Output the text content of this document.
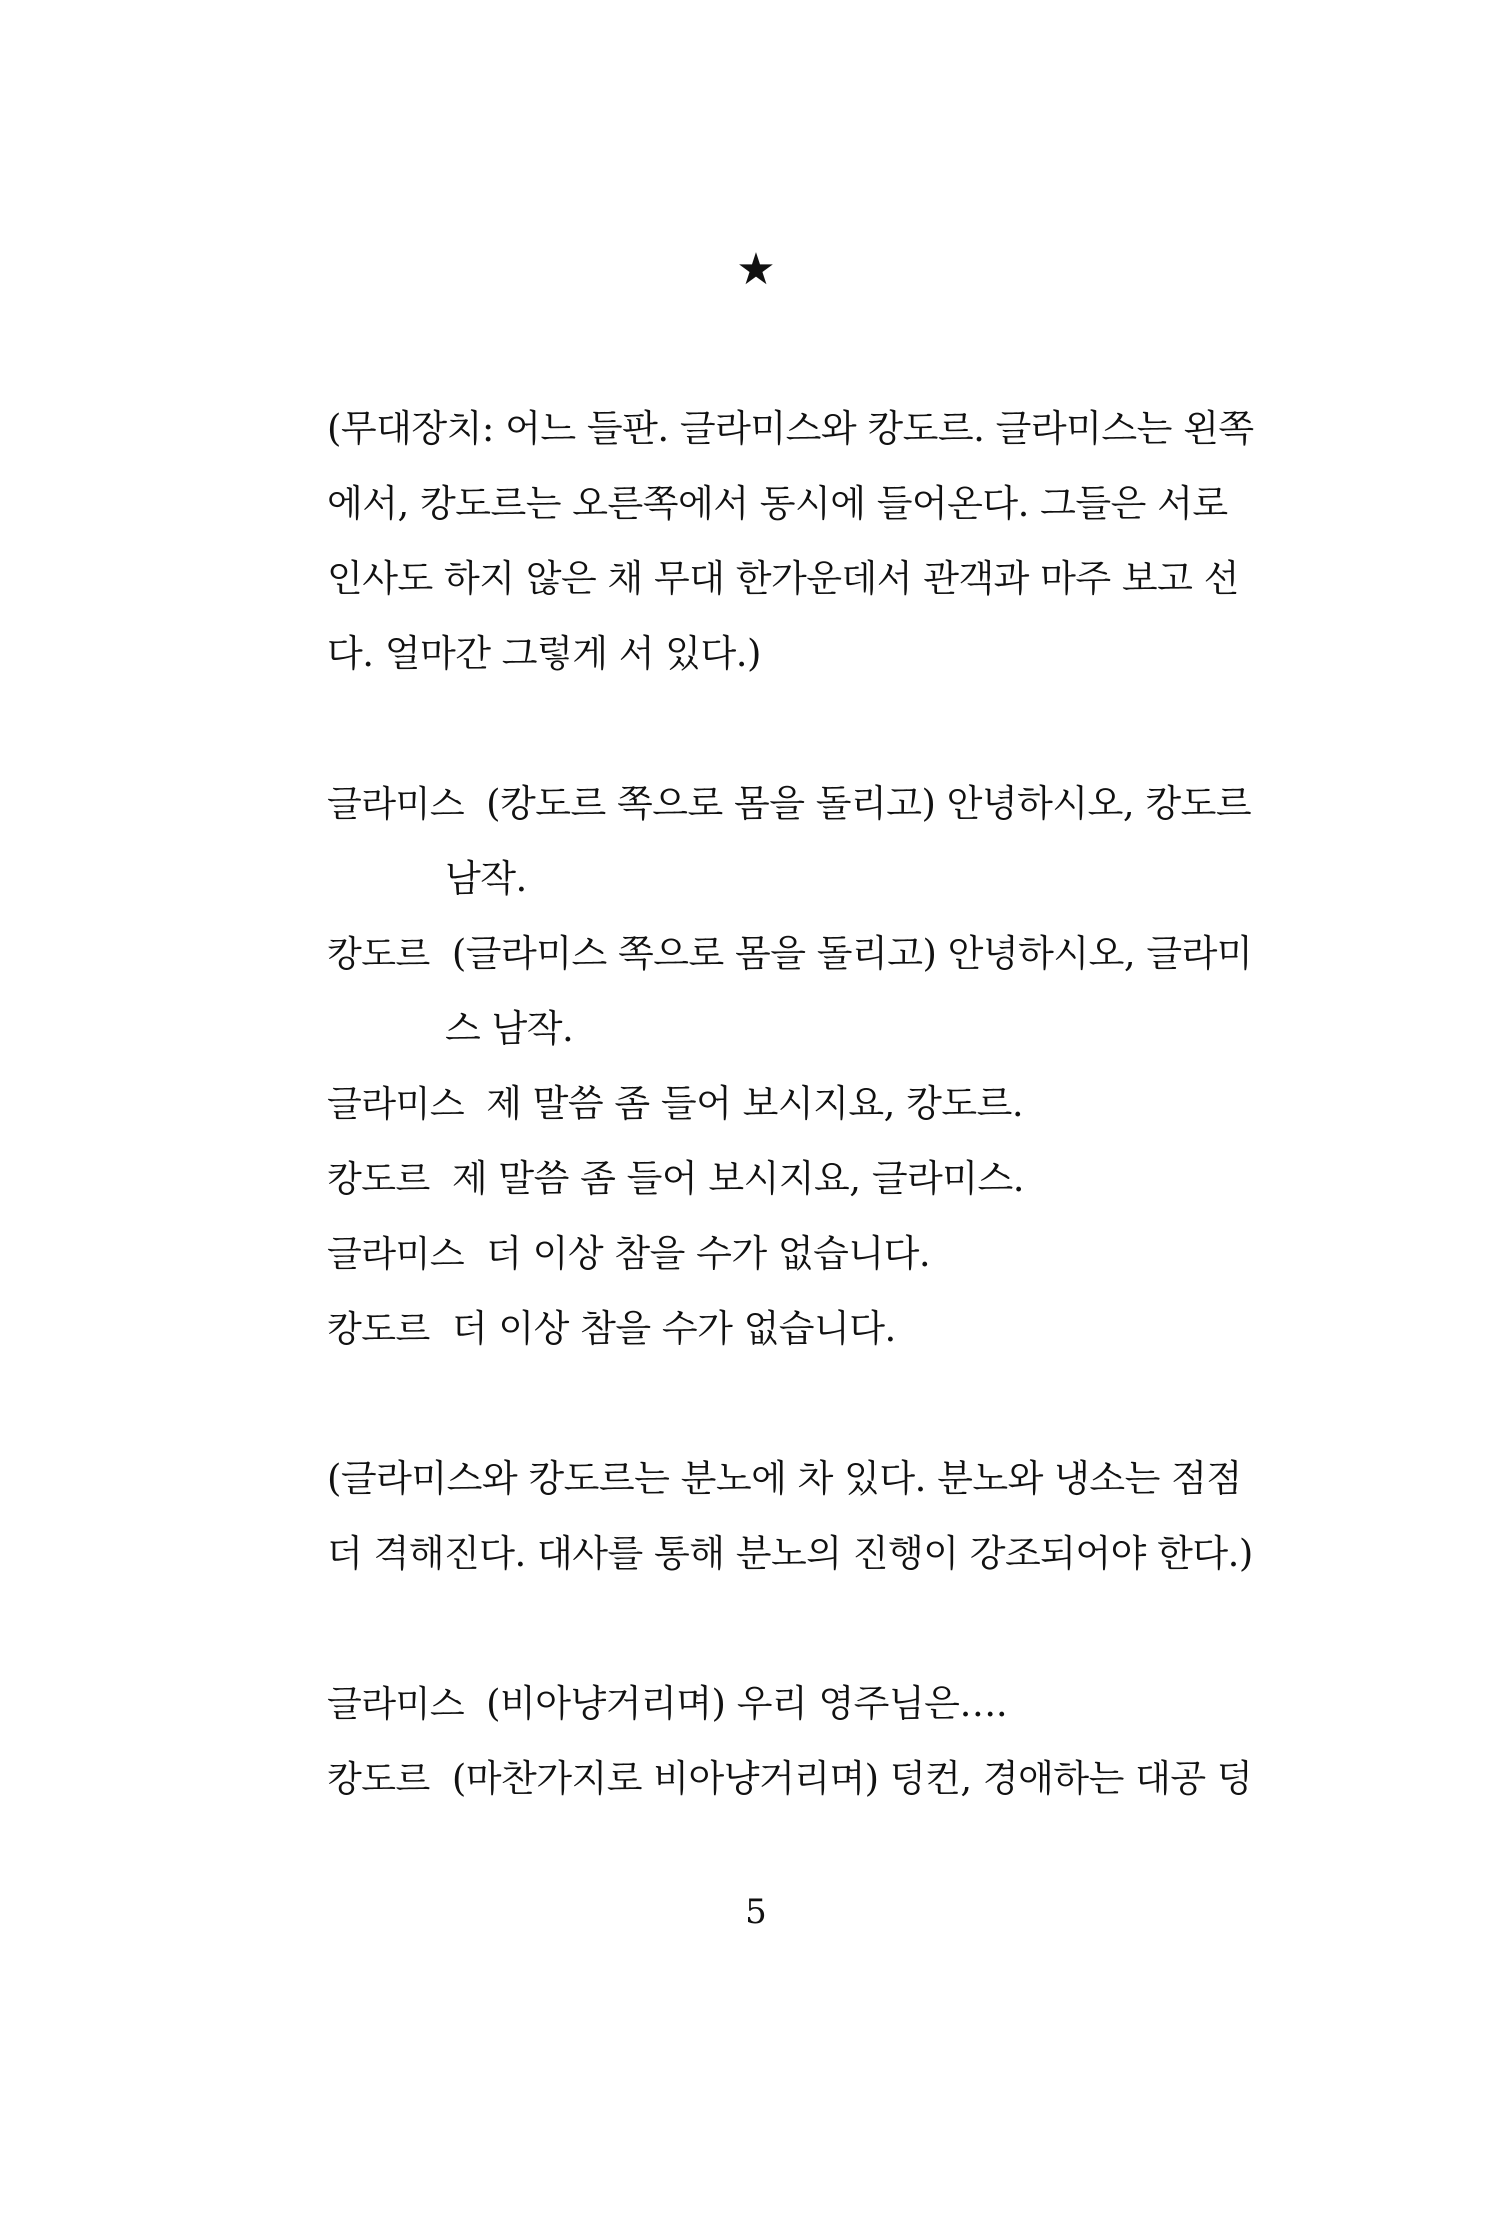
★
(무대장치: 어느 들판. 글라미스와 캉도르. 글라미스는 왼쪽
에서, 캉도르는 오른쪽에서 동시에 들어온다. 그들은 서로
인사도 하지 않은 채 무대 한가운데서 관객과 마주 보고 선
다. 얼마간 그렇게 서 있다.)
글라미스 (캉도르 쪽으로 몸을 돌리고) 안녕하시오, 캉도르
남작.
캉도르 (글라미스 쪽으로 몸을 돌리고) 안녕하시오, 글라미
스 남작.
글라미스 제 말씀 좀 들어 보시지요, 캉도르.
캉도르 제 말씀 좀 들어 보시지요, 글라미스.
글라미스 더 이상 참을 수가 없습니다.
캉도르 더 이상 참을 수가 없습니다.
(글라미스와 캉도르는 분노에 차 있다. 분노와 냉소는 점점
더 격해진다. 대사를 통해 분노의 진행이 강조되어야 한다.)
글라미스 (비아냥거리며) 우리 영주님은….
캉도르 (마찬가지로 비아냥거리며) 덩컨, 경애하는 대공 덩
5
